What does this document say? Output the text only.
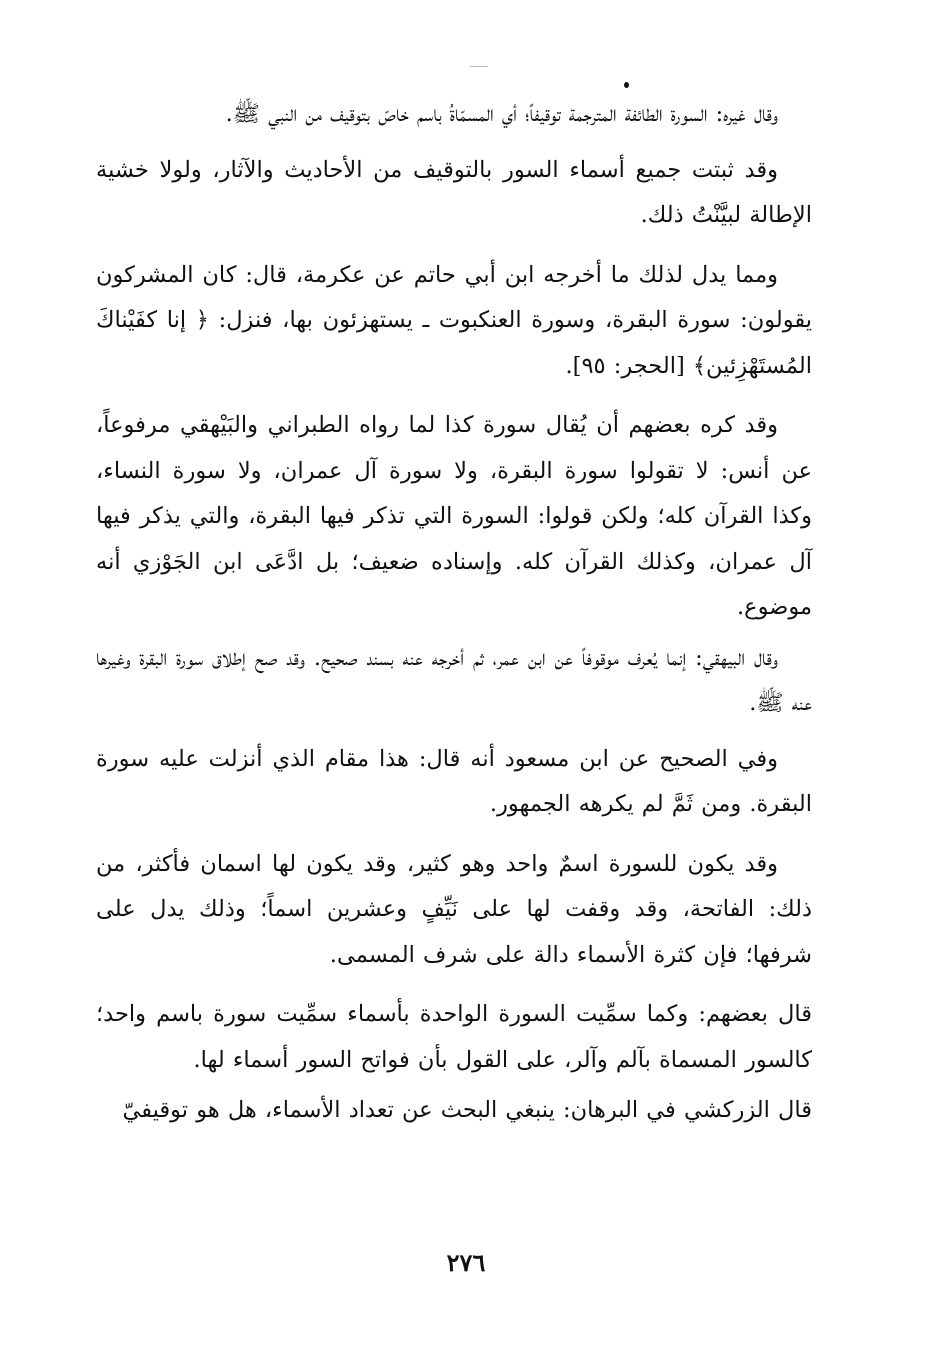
وقال غيره: السورة الطائفة المترجمة توقيفاً؛ أي المسمّاةُ باسم خاصّ بتوقيف من النبي ﷺ.

وقد ثبتت جميع أسماء السور بالتوقيف من الأحاديث والآثار، ولولا خشية الإطالة لبيَّنْتُ ذلك.

ومما يدل لذلك ما أخرجه ابن أبي حاتم عن عكرمة، قال: كان المشركون يقولون: سورة البقرة، وسورة العنكبوت ـ يستهزئون بها، فنزل: ﴿ إنا كفَيْناكَ المُستَهْزِئين﴾ [الحجر: ٩٥].

وقد كره بعضهم أن يُقال سورة كذا لما رواه الطبراني والبَيْهقي مرفوعاً، عن أنس: لا تقولوا سورة البقرة، ولا سورة آل عمران، ولا سورة النساء، وكذا القرآن كله؛ ولكن قولوا: السورة التي تذكر فيها البقرة، والتي يذكر فيها آل عمران، وكذلك القرآن كله. وإسناده ضعيف؛ بل ادَّعَى ابن الجَوْزي أنه موضوع.

وقال البيهقي: إنما يُعرف موقوفاً عن ابن عمر، ثم أخرجه عنه بسند صحيح. وقد صح إطلاق سورة البقرة وغيرها عنه ﷺ.

وفي الصحيح عن ابن مسعود أنه قال: هذا مقام الذي أنزلت عليه سورة البقرة. ومن ثَمَّ لم يكرهه الجمهور.

وقد يكون للسورة اسمٌ واحد وهو كثير، وقد يكون لها اسمان فأكثر، من ذلك: الفاتحة، وقد وقفت لها على نَيِّفٍ وعشرين اسماً؛ وذلك يدل على شرفها؛ فإن كثرة الأسماء دالة على شرف المسمى.

قال بعضهم: وكما سمِّيت السورة الواحدة بأسماء سمِّيت سورة باسم واحد؛ كالسور المسماة بآلم وآلر، على القول بأن فواتح السور أسماء لها.

قال الزركشي في البرهان: ينبغي البحث عن تعداد الأسماء، هل هو توقيفيّ

٢٧٦
